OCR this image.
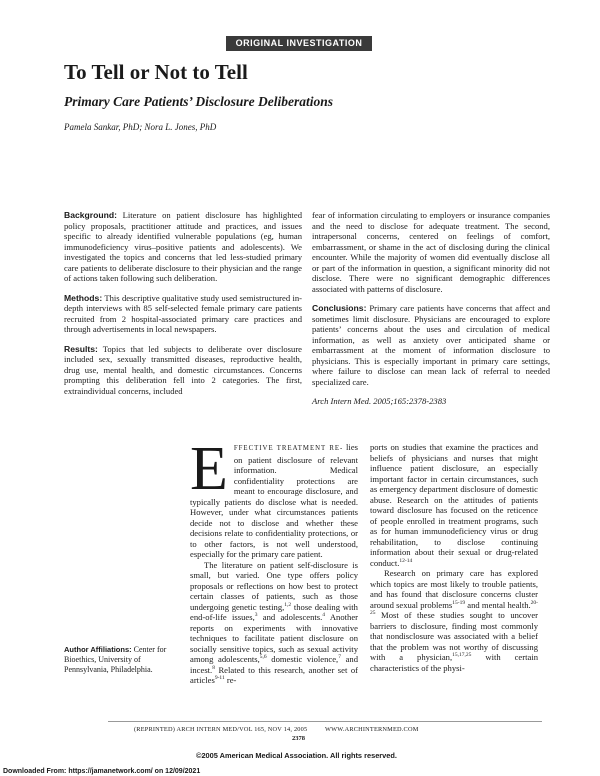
ORIGINAL INVESTIGATION
To Tell or Not to Tell
Primary Care Patients’ Disclosure Deliberations
Pamela Sankar, PhD; Nora L. Jones, PhD

Background: Literature on patient disclosure has highlighted policy proposals, practitioner attitude and practices, and issues specific to already identified vulnerable populations (eg, human immunodeficiency virus–positive patients and adolescents). We investigated the topics and concerns that led less-studied primary care patients to deliberate disclosure to their physician and the range of actions taken following such deliberation.

Methods: This descriptive qualitative study used semistructured in-depth interviews with 85 self-selected female primary care patients recruited from 2 hospital-associated primary care practices and through advertisements in local newspapers.

Results: Topics that led subjects to deliberate over disclosure included sex, sexually transmitted diseases, reproductive health, drug use, mental health, and domestic circumstances. Concerns prompting this deliberation fell into 2 categories. The first, extraindividual concerns, included

fear of information circulating to employers or insurance companies and the need to disclose for adequate treatment. The second, intrapersonal concerns, centered on feelings of comfort, embarrassment, or shame in the act of disclosing during the clinical encounter. While the majority of women did eventually disclose all or part of the information in question, a significant minority did not disclose. There were no significant demographic differences associated with patterns of disclosure.

Conclusions: Primary care patients have concerns that affect and sometimes limit disclosure. Physicians are encouraged to explore patients’ concerns about the uses and circulation of medical information, as well as anxiety over anticipated shame or embarrassment at the moment of information disclosure to physicians. This is especially important in primary care settings, where failure to disclose can mean lack of referral to needed specialized care.

Arch Intern Med. 2005;165:2378-2383

EFFECTIVE TREATMENT RE- lies on patient disclosure of relevant information. Medical confidentiality protections are meant to encourage disclosure, and typically patients do disclose what is needed. However, under what circumstances patients decide not to disclose and whether these decisions relate to confidentiality protections, or to other factors, is not well understood, especially for the primary care patient.

The literature on patient self-disclosure is small, but varied. One type offers policy proposals or reflections on how best to protect certain classes of patients, such as those undergoing genetic testing,$^{1,2}$ those dealing with end-of-life issues,$^3$ and adolescents.$^4$ Another reports on experiments with innovative techniques to facilitate patient disclosure on socially sensitive topics, such as sexual activity among adolescents,$^{5,6}$ domestic violence,$^7$ and incest.$^8$ Related to this research, another set of articles$^{9-11}$ re-

ports on studies that examine the practices and beliefs of physicians and nurses that might influence patient disclosure, an especially important factor in certain circumstances, such as emergency department disclosure of domestic abuse. Research on the attitudes of patients toward disclosure has focused on the reticence of people enrolled in treatment programs, such as for human immunodeficiency virus or drug rehabilitation, to disclose continuing information about their sexual or drug-related conduct.$^{12-14}$

Research on primary care has explored which topics are most likely to trouble patients, and has found that disclosure concerns cluster around sexual problems$^{15-19}$ and mental health.$^{20-25}$ Most of these studies sought to uncover barriers to disclosure, finding most commonly that nondisclosure was associated with a belief that the problem was not worthy of discussing with a physician,$^{15,17,25}$ with certain characteristics of the physi-

Author Affiliations: Center for Bioethics, University of Pennsylvania, Philadelphia.
(REPRINTED) ARCH INTERN MED/VOL 165, NOV 14, 2005          WWW.ARCHINTERNMED.COM
2378
©2005 American Medical Association. All rights reserved.
Downloaded From: https://jamanetwork.com/ on 12/09/2021
